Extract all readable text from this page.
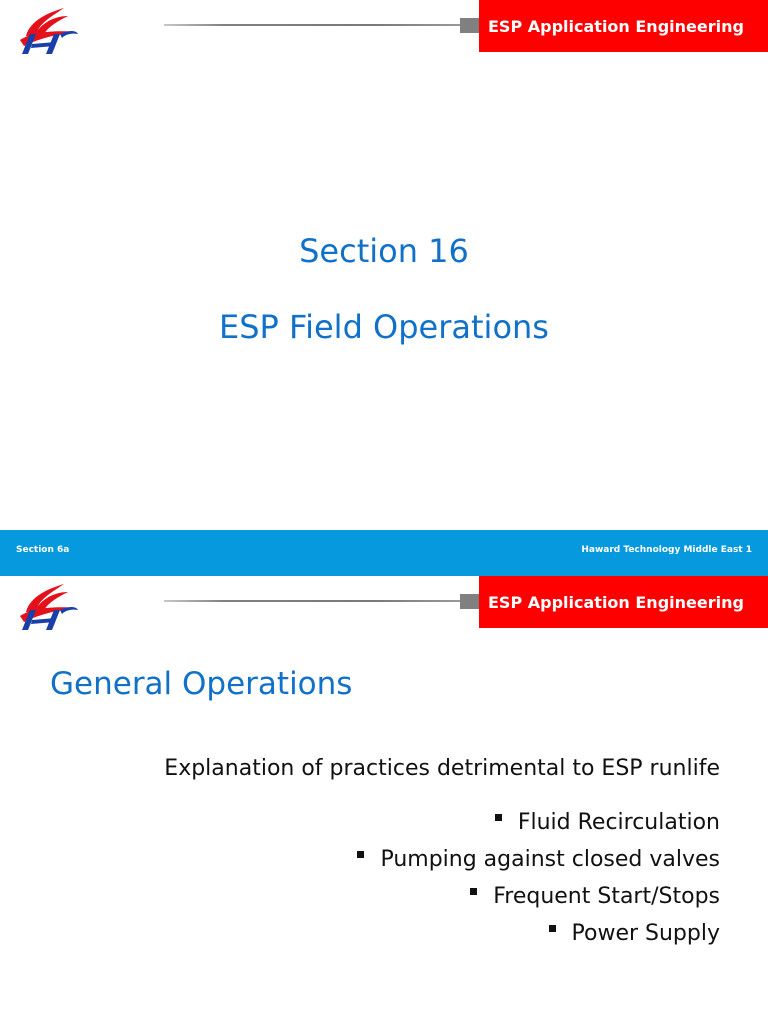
ESP Application Engineering
Section 16
ESP Field Operations
Section 6a	Haward Technology Middle East 1
ESP Application Engineering
General Operations
Explanation of practices detrimental to ESP runlife
Fluid Recirculation
Pumping against closed valves
Frequent Start/Stops
Power Supply
